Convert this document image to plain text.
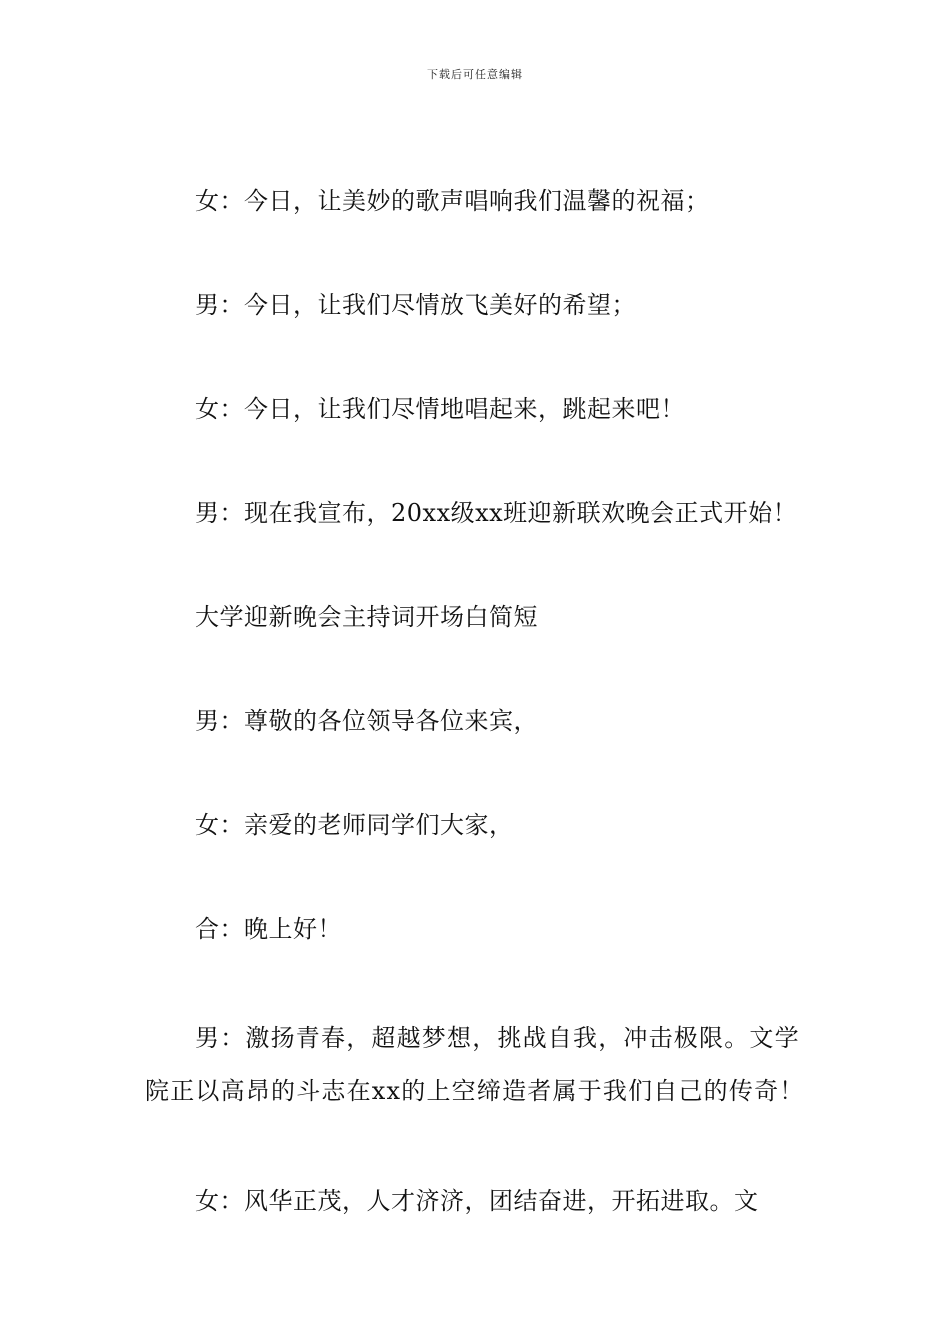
下载后可任意编辑

女：今日，让美妙的歌声唱响我们温馨的祝福；

男：今日，让我们尽情放飞美好的希望；

女：今日，让我们尽情地唱起来，跳起来吧！

男：现在我宣布，20xx级xx班迎新联欢晚会正式开始！

大学迎新晚会主持词开场白简短

男：尊敬的各位领导各位来宾，

女：亲爱的老师同学们大家，

合：晚上好！

男：激扬青春，超越梦想，挑战自我，冲击极限。文学院正以高昂的斗志在xx的上空缔造者属于我们自己的传奇！

女：风华正茂，人才济济，团结奋进，开拓进取。文
